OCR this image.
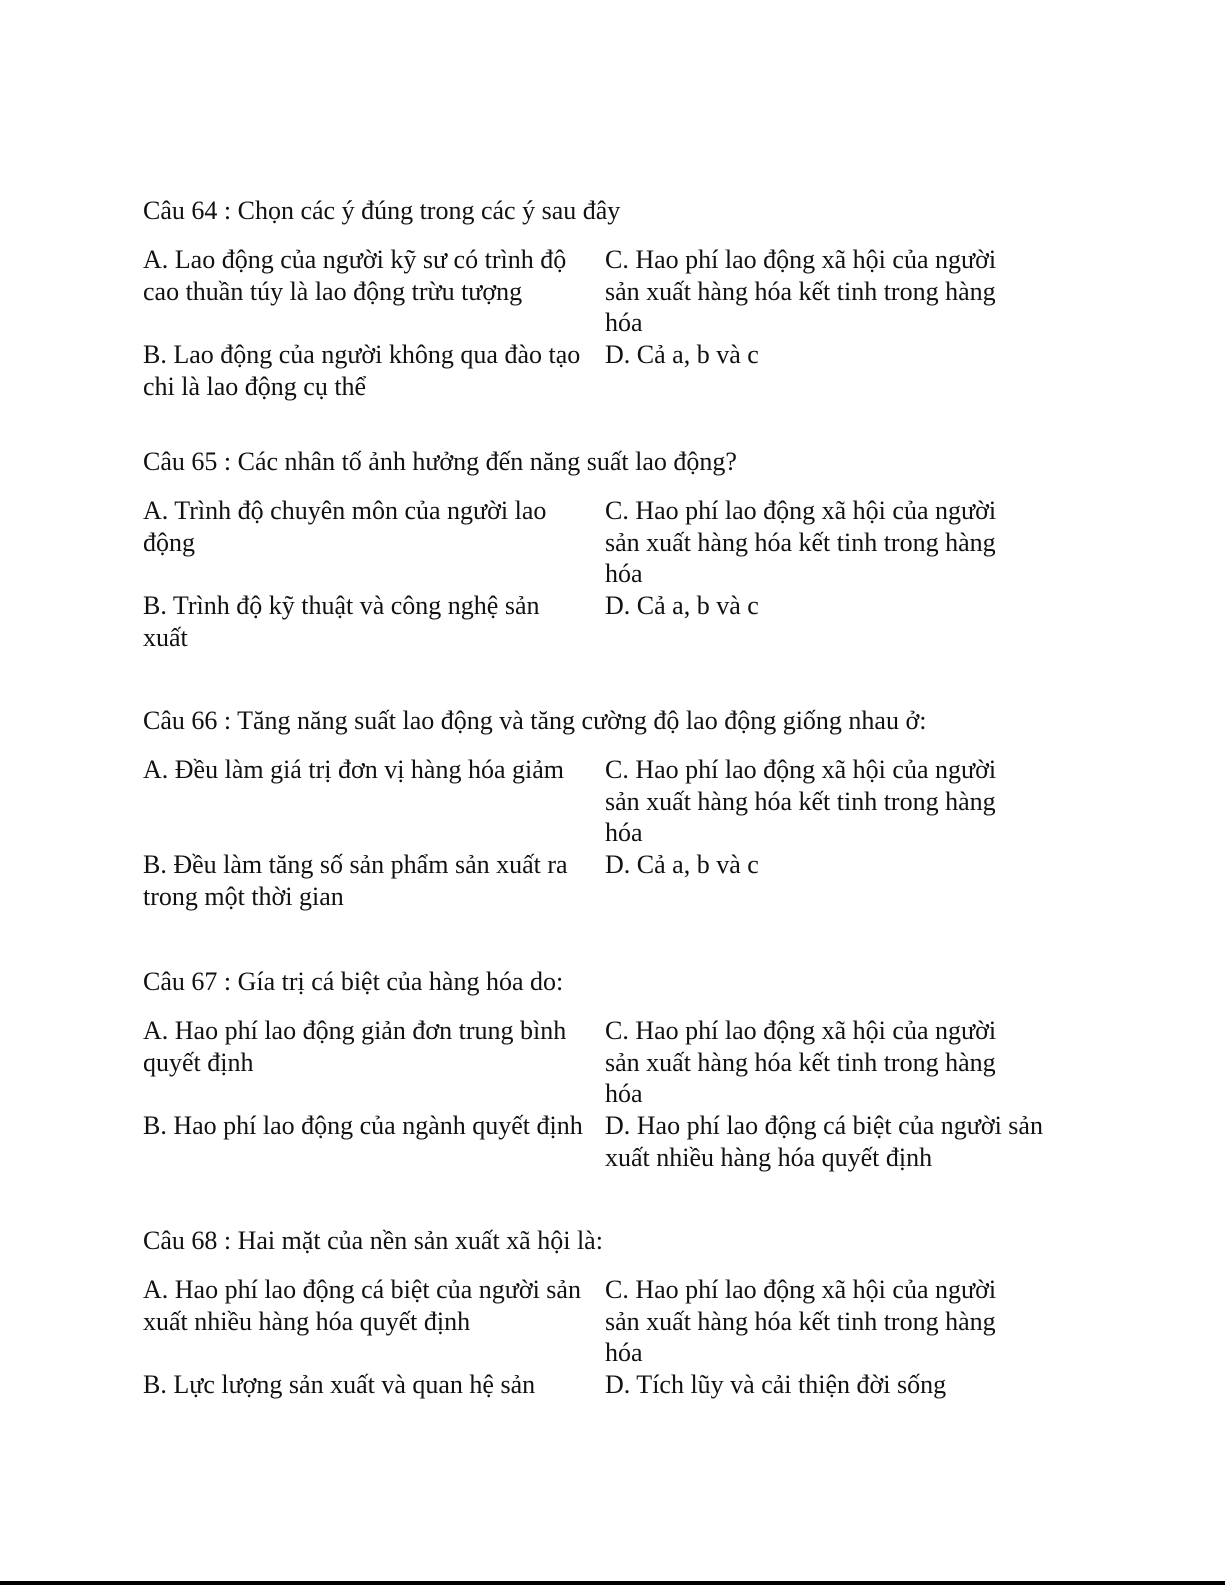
Câu 64 : Chọn các ý đúng trong các ý sau đây
A. Lao động của người kỹ sư có trình độ cao thuần túy là lao động trừu tượng
C. Hao phí lao động xã hội của người sản xuất hàng hóa kết tinh trong hàng hóa
B. Lao động của người không qua đào tạo chi là lao động cụ thể
D. Cả a, b và c
Câu 65 : Các nhân tố ảnh hưởng đến năng suất lao động?
A. Trình độ chuyên môn của người lao động
C. Hao phí lao động xã hội của người sản xuất hàng hóa kết tinh trong hàng hóa
B. Trình độ kỹ thuật và công nghệ sản xuất
D. Cả a, b và c
Câu 66 : Tăng năng suất lao động và tăng cường độ lao động giống nhau ở:
A. Đều làm giá trị đơn vị hàng hóa giảm	C. Hao phí lao động xã hội của người sản xuất hàng hóa kết tinh trong hàng hóa
B. Đều làm tăng số sản phẩm sản xuất ra trong một thời gian
D. Cả a, b và c
Câu 67 : Gía trị cá biệt của hàng hóa do:
A. Hao phí lao động giản đơn trung bình quyết định
C. Hao phí lao động xã hội của người sản xuất hàng hóa kết tinh trong hàng hóa
B. Hao phí lao động của ngành quyết định D. Hao phí lao động cá biệt của người sản xuất nhiều hàng hóa quyết định
Câu 68 : Hai mặt của nền sản xuất xã hội là:
A. Hao phí lao động cá biệt của người sản xuất nhiều hàng hóa quyết định
C. Hao phí lao động xã hội của người sản xuất hàng hóa kết tinh trong hàng hóa
B. Lực lượng sản xuất và quan hệ sản	D. Tích lũy và cải thiện đời sống
